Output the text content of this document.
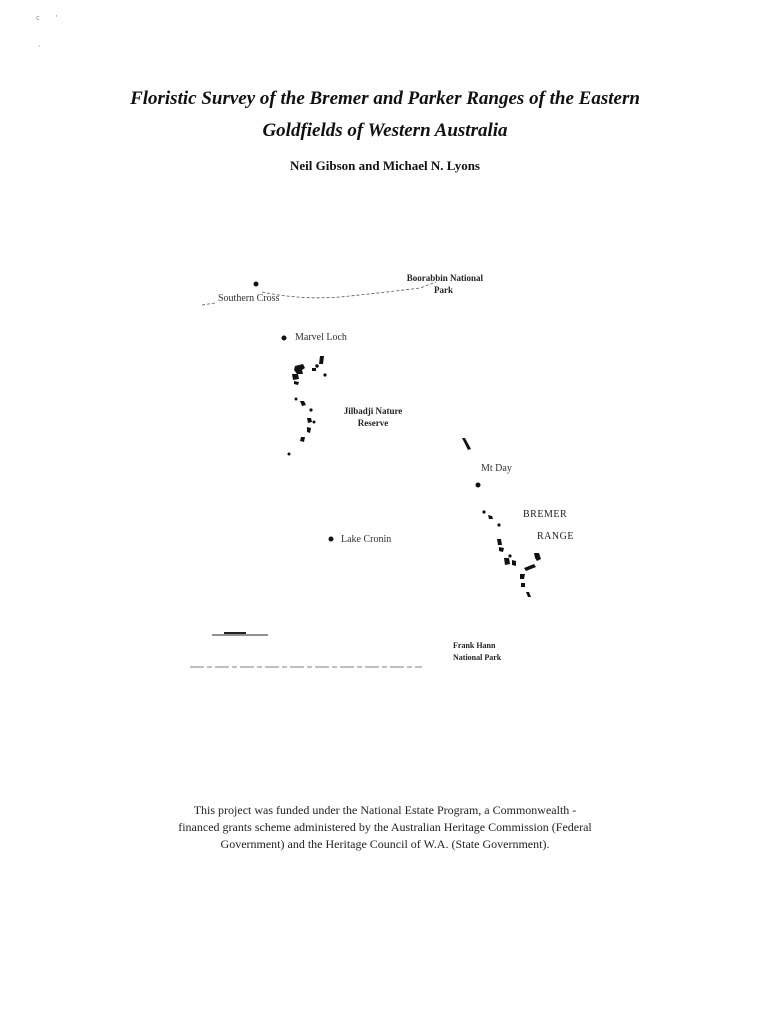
c       '
'
Floristic Survey of the Bremer and Parker Ranges of the Eastern
Goldfields of Western Australia
Neil Gibson and Michael N. Lyons
Boorabbin National
Park
Southern Cross
Marvel Loch
Jilbadji Nature
Reserve
Mt Day
BREMER
RANGE
Lake Cronin
Frank Hann
National Park
This project was funded under the National Estate Program, a Commonwealth -
financed grants scheme administered by the Australian Heritage Commission (Federal
Government) and the Heritage Council of W.A. (State Government).
